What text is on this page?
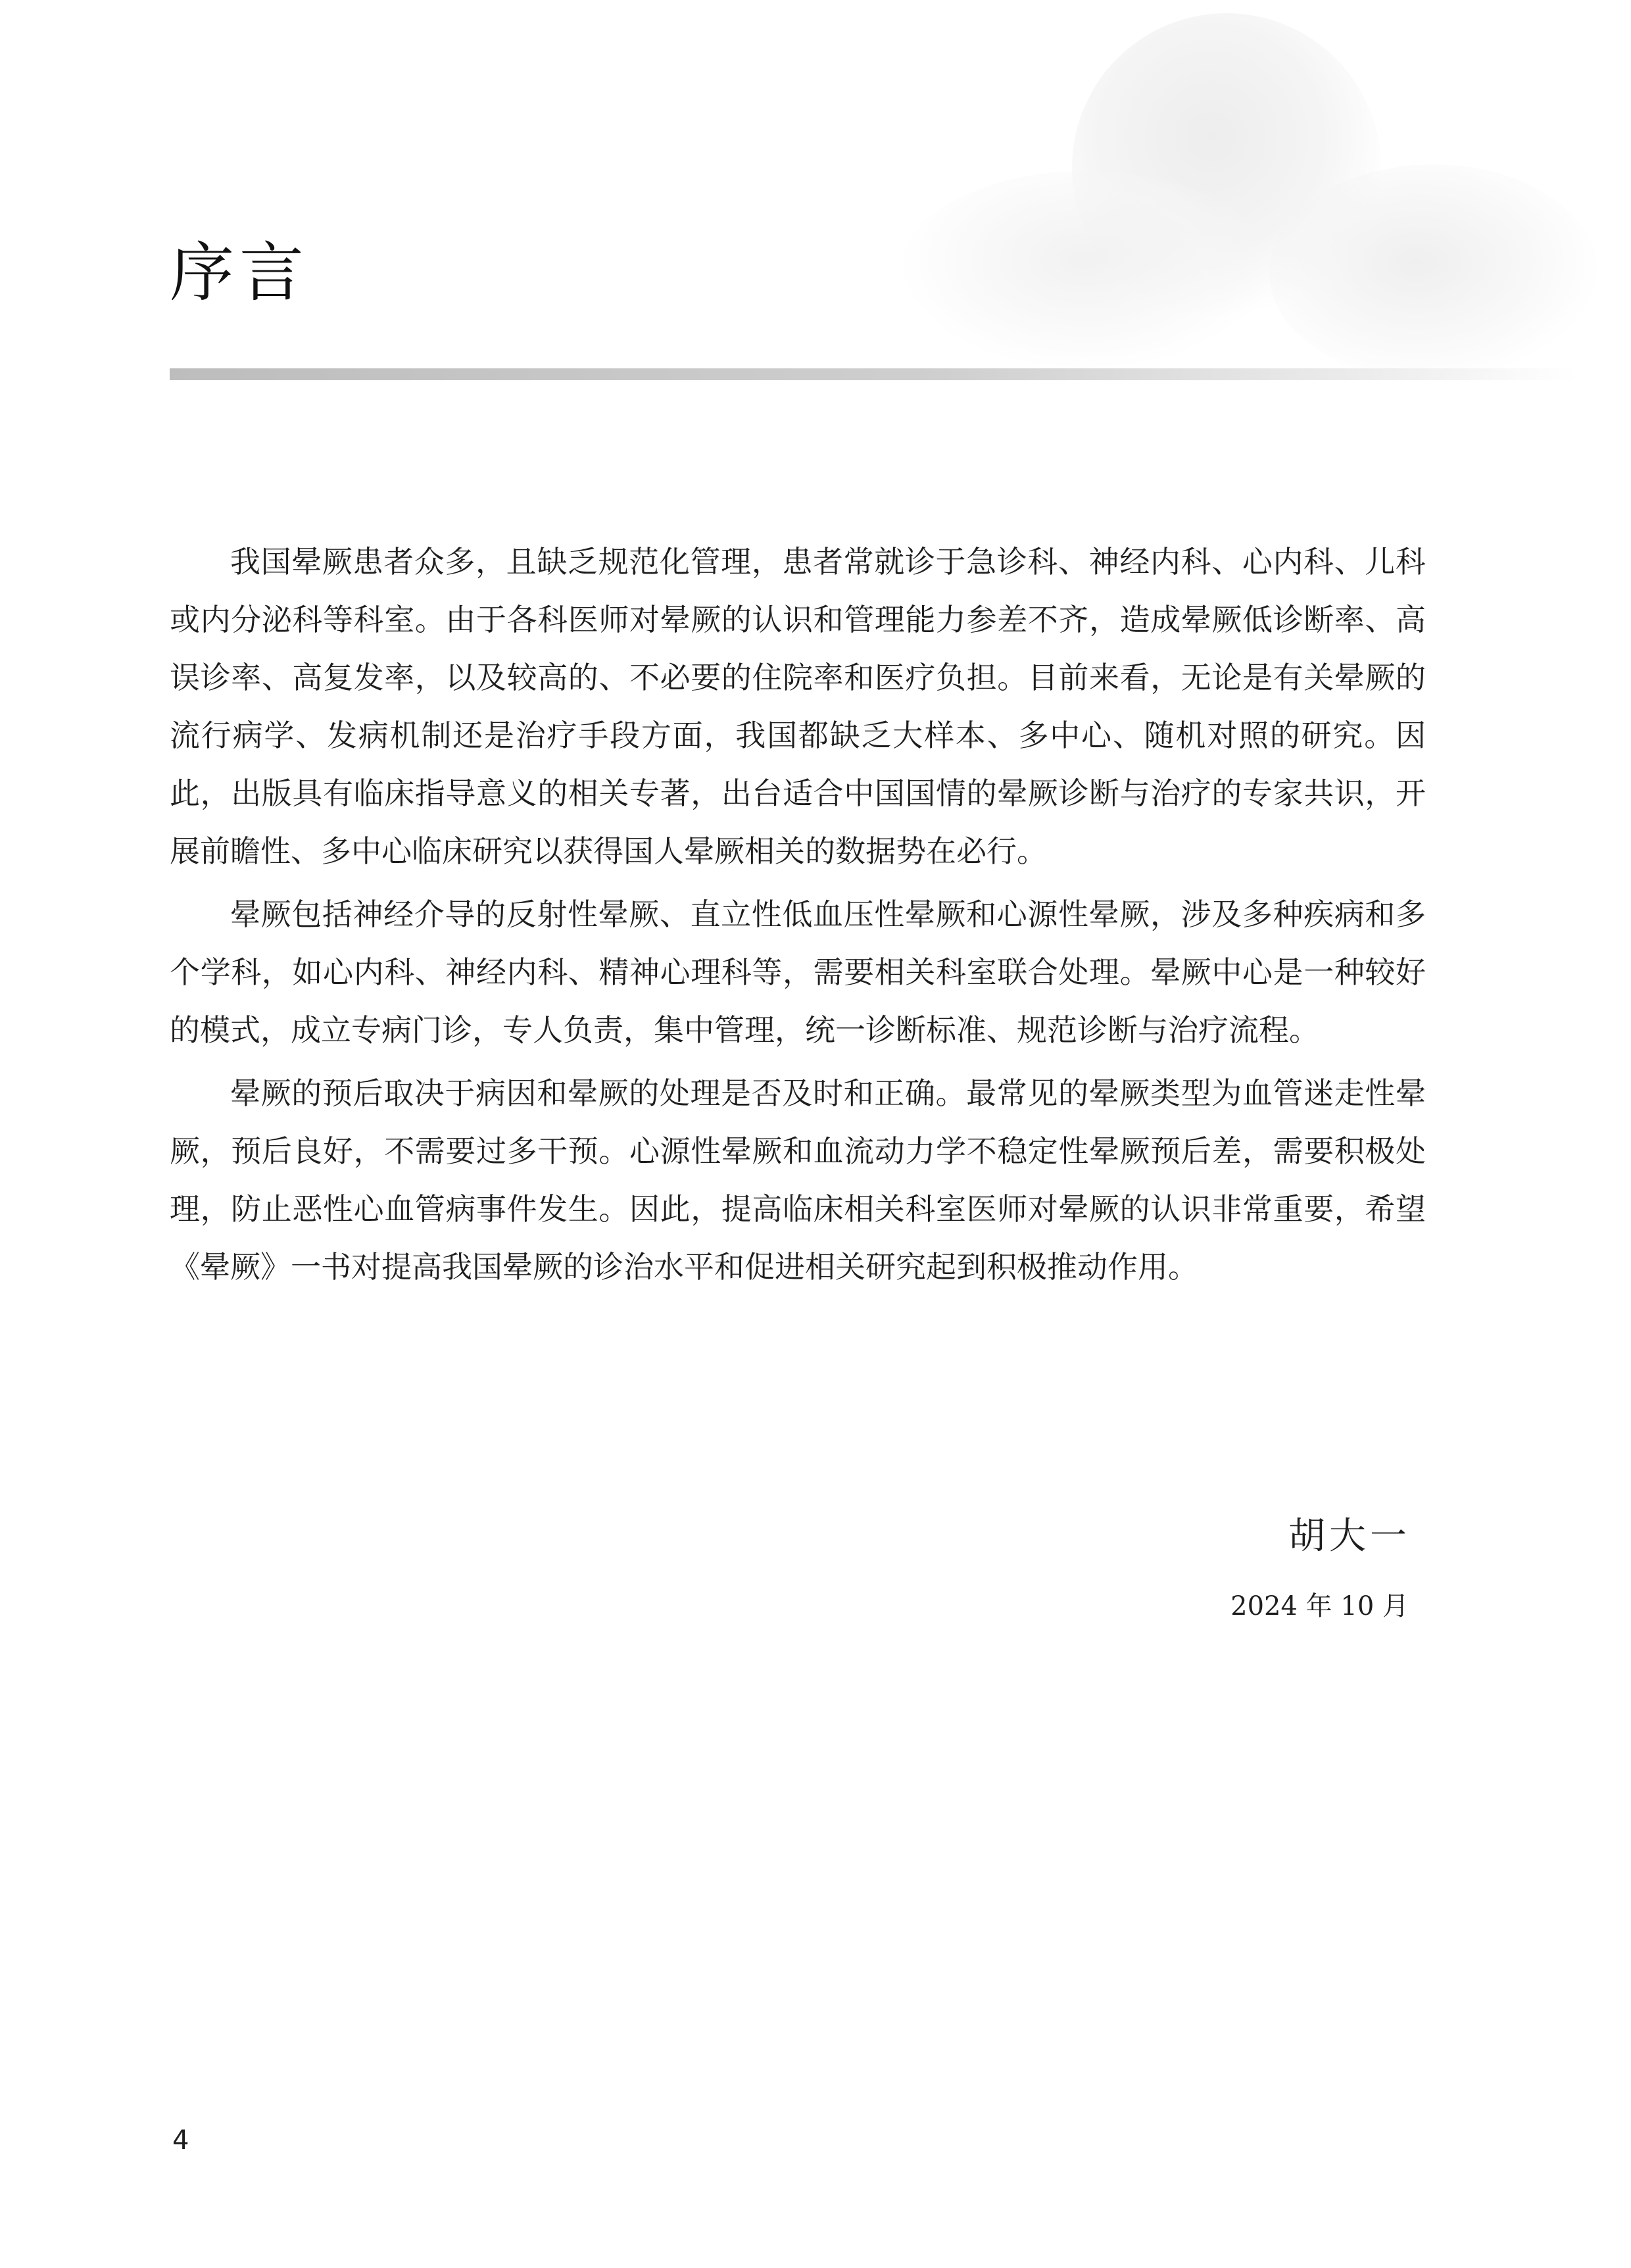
序言

我国晕厥患者众多，且缺乏规范化管理，患者常就诊于急诊科、神经内科、心内科、儿科或内分泌科等科室。由于各科医师对晕厥的认识和管理能力参差不齐，造成晕厥低诊断率、高误诊率、高复发率，以及较高的、不必要的住院率和医疗负担。目前来看，无论是有关晕厥的流行病学、发病机制还是治疗手段方面，我国都缺乏大样本、多中心、随机对照的研究。因此，出版具有临床指导意义的相关专著，出台适合中国国情的晕厥诊断与治疗的专家共识，开展前瞻性、多中心临床研究以获得国人晕厥相关的数据势在必行。

晕厥包括神经介导的反射性晕厥、直立性低血压性晕厥和心源性晕厥，涉及多种疾病和多个学科，如心内科、神经内科、精神心理科等，需要相关科室联合处理。晕厥中心是一种较好的模式，成立专病门诊，专人负责，集中管理，统一诊断标准、规范诊断与治疗流程。

晕厥的预后取决于病因和晕厥的处理是否及时和正确。最常见的晕厥类型为血管迷走性晕厥，预后良好，不需要过多干预。心源性晕厥和血流动力学不稳定性晕厥预后差，需要积极处理，防止恶性心血管病事件发生。因此，提高临床相关科室医师对晕厥的认识非常重要，希望《晕厥》一书对提高我国晕厥的诊治水平和促进相关研究起到积极推动作用。

胡大一
2024 年 10 月
4
